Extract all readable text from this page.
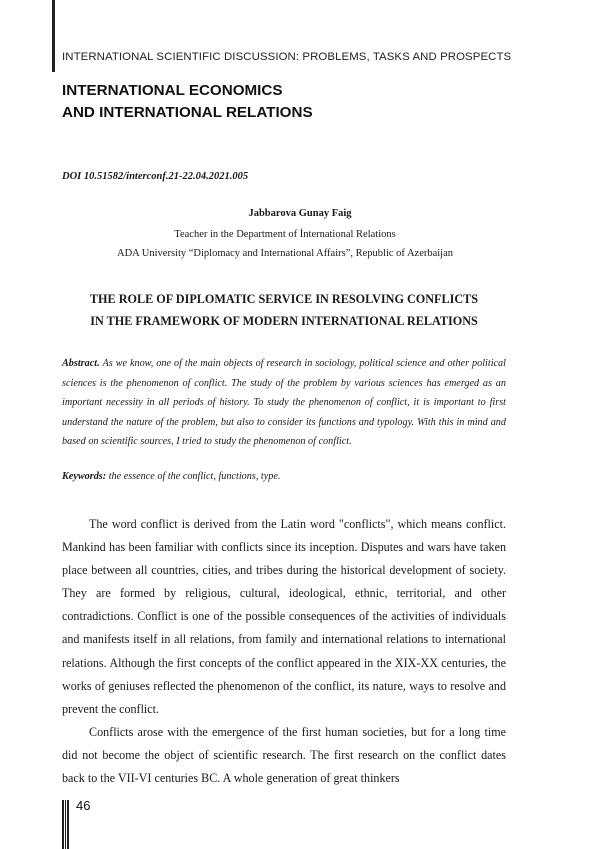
INTERNATIONAL SCIENTIFIC DISCUSSION: PROBLEMS, TASKS AND PROSPECTS
INTERNATIONAL ECONOMICS
AND INTERNATIONAL RELATIONS
DOI 10.51582/interconf.21-22.04.2021.005
Jabbarova Gunay Faig
Teacher in the Department of İnternational Relations
ADA University “Diplomacy and International Affairs”, Republic of Azerbaijan
THE ROLE OF DIPLOMATIC SERVICE IN RESOLVING CONFLICTS
IN THE FRAMEWORK OF MODERN INTERNATIONAL RELATIONS
Abstract. As we know, one of the main objects of research in sociology, political science and other political sciences is the phenomenon of conflict. The study of the problem by various sciences has emerged as an important necessity in all periods of history. To study the phenomenon of conflict, it is important to first understand the nature of the problem, but also to consider its functions and typology. With this in mind and based on scientific sources, I tried to study the phenomenon of conflict.
Keywords: the essence of the conflict, functions, type.

The word conflict is derived from the Latin word "conflicts", which means conflict. Mankind has been familiar with conflicts since its inception. Disputes and wars have taken place between all countries, cities, and tribes during the historical development of society. They are formed by religious, cultural, ideological, ethnic, territorial, and other contradictions. Conflict is one of the possible consequences of the activities of individuals and manifests itself in all relations, from family and international relations to international relations. Although the first concepts of the conflict appeared in the XIX-XX centuries, the works of geniuses reflected the phenomenon of the conflict, its nature, ways to resolve and prevent the conflict.

Conflicts arose with the emergence of the first human societies, but for a long time did not become the object of scientific research. The first research on the conflict dates back to the VII-VI centuries BC. A whole generation of great thinkers

46
